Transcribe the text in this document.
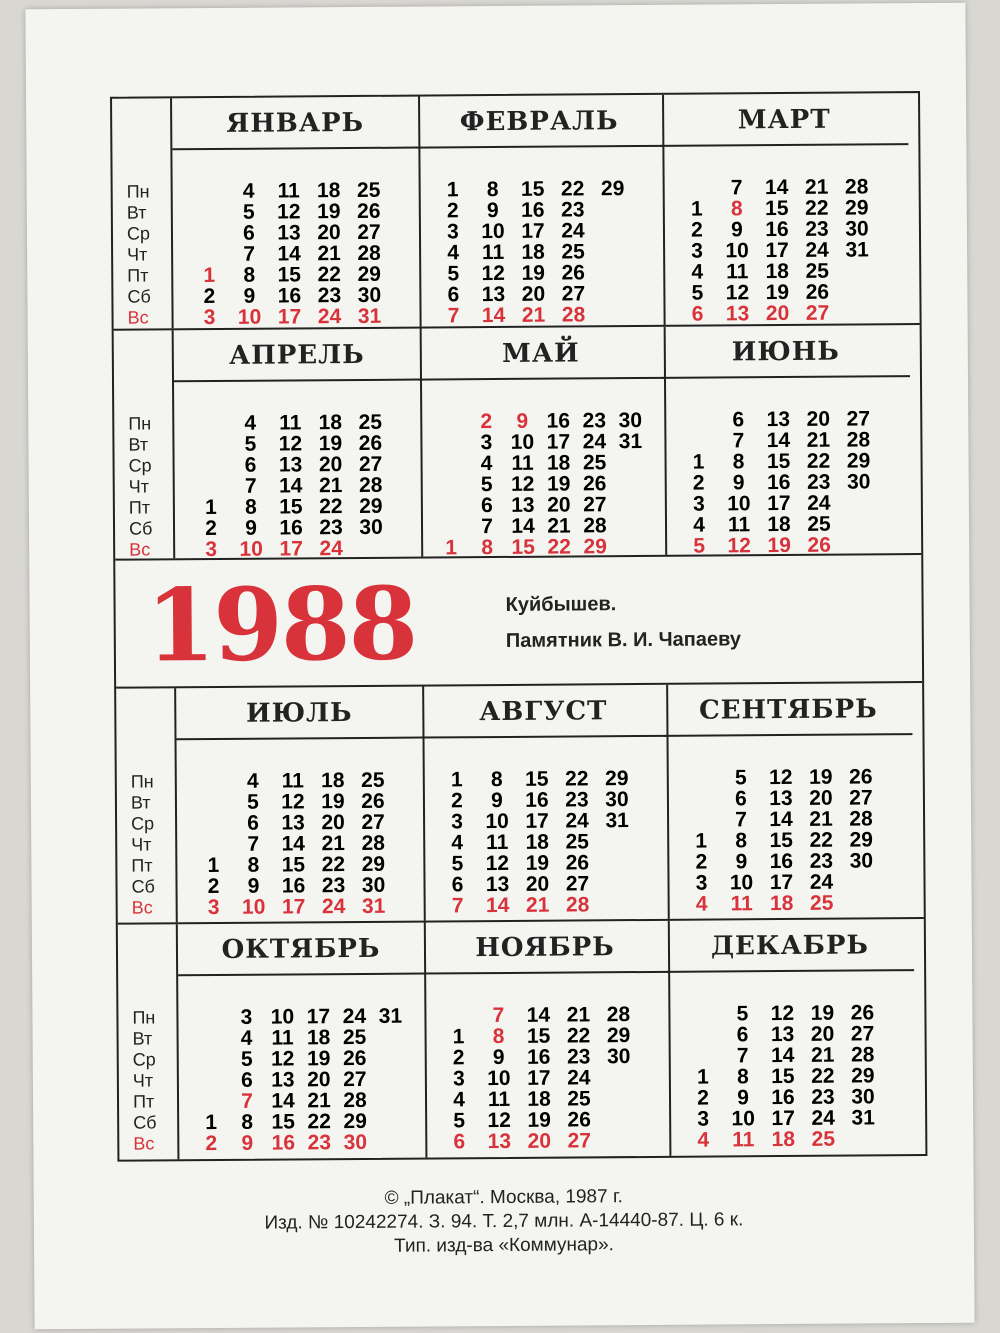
Пн
Вт
Ср
Чт
Пт
Сб
Вс
ЯНВАРЬ
1
2
3
4
5
6
7
8
9
10
11
12
13
14
15
16
17
18
19
20
21
22
23
24
25
26
27
28
29
30
31
ФЕВРАЛЬ
1
2
3
4
5
6
7
8
9
10
11
12
13
14
15
16
17
18
19
20
21
22
23
24
25
26
27
28
29
МАРТ
1
2
3
4
5
6
7
8
9
10
11
12
13
14
15
16
17
18
19
20
21
22
23
24
25
26
27
28
29
30
31
Пн
Вт
Ср
Чт
Пт
Сб
Вс
АПРЕЛЬ
1
2
3
4
5
6
7
8
9
10
11
12
13
14
15
16
17
18
19
20
21
22
23
24
25
26
27
28
29
30
МАЙ
1
2
3
4
5
6
7
8
9
10
11
12
13
14
15
16
17
18
19
20
21
22
23
24
25
26
27
28
29
30
31
ИЮНЬ
1
2
3
4
5
6
7
8
9
10
11
12
13
14
15
16
17
18
19
20
21
22
23
24
25
26
27
28
29
30
1988	Куйбышев.
Памятник В. И. Чапаеву
Пн
Вт
Ср
Чт
Пт
Сб
Вс
ИЮЛЬ
1
2
3
4
5
6
7
8
9
10
11
12
13
14
15
16
17
18
19
20
21
22
23
24
25
26
27
28
29
30
31
АВГУСТ
1
2
3
4
5
6
7
8
9
10
11
12
13
14
15
16
17
18
19
20
21
22
23
24
25
26
27
28
29
30
31
СЕНТЯБРЬ
1
2
3
4
5
6
7
8
9
10
11
12
13
14
15
16
17
18
19
20
21
22
23
24
25
26
27
28
29
30
Пн
Вт
Ср
Чт
Пт
Сб
Вс
ОКТЯБРЬ
1
2
3
4
5
6
7
8
9
10
11
12
13
14
15
16
17
18
19
20
21
22
23
24
25
26
27
28
29
30
31
НОЯБРЬ
1
2
3
4
5
6
7
8
9
10
11
12
13
14
15
16
17
18
19
20
21
22
23
24
25
26
27
28
29
30
ДЕКАБРЬ
1
2
3
4
5
6
7
8
9
10
11
12
13
14
15
16
17
18
19
20
21
22
23
24
25
26
27
28
29
30
31
© „Плакат“. Москва, 1987 г.
Изд. № 10242274. З. 94. Т. 2,7 млн. А-14440-87. Ц. 6 к.
Тип. изд-ва «Коммунар».
